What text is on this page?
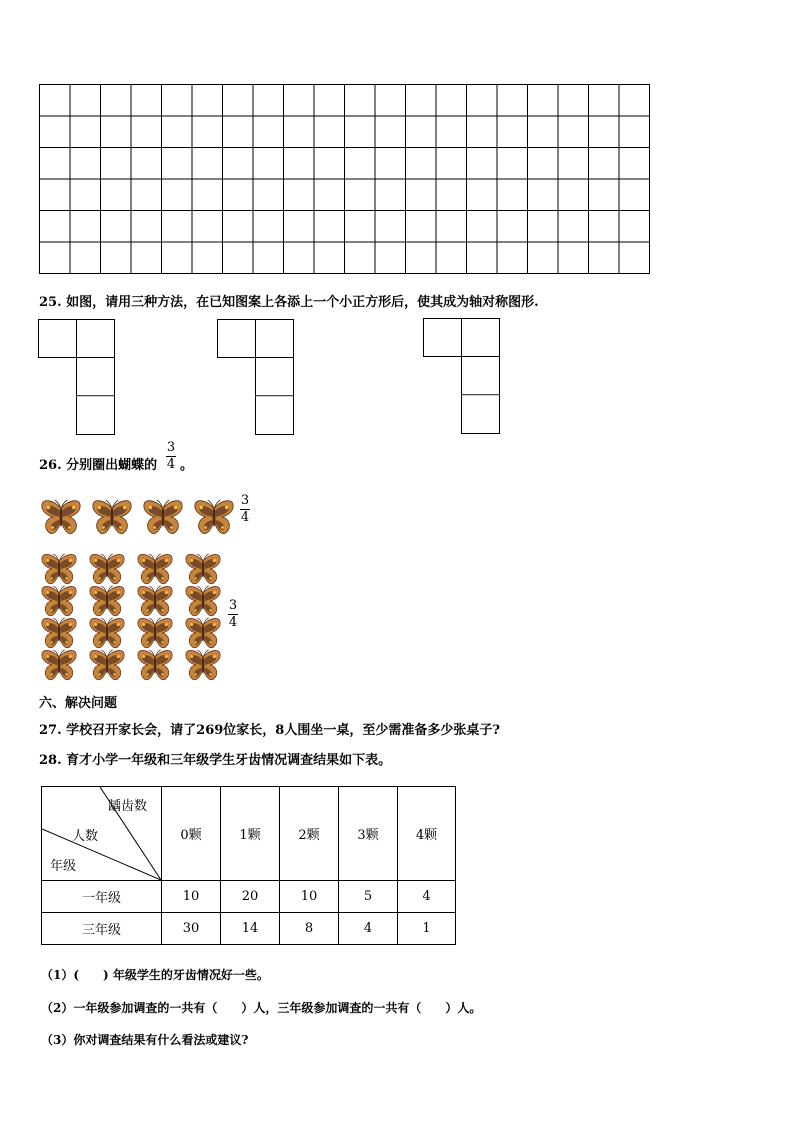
25. 如图，请用三种方法，在已知图案上各添上一个小正方形后，使其成为轴对称图形.
26. 分别圈出蝴蝶的
3
4 。
3
4
3
4
六、解决问题
27. 学校召开家长会，请了269位家长，8人围坐一桌，至少需准备多少张桌子?
28. 育才小学一年级和三年级学生牙齿情况调查结果如下表。
龋齿数
人数
年级	0颗	1颗	2颗	3颗	4颗
一年级	10	20	10	5	4
三年级	30	14	8	4	1
（1）(　　) 年级学生的牙齿情况好一些。
（2）一年级参加调查的一共有（　　）人，三年级参加调查的一共有（　　）人。
（3）你对调查结果有什么看法或建议?
